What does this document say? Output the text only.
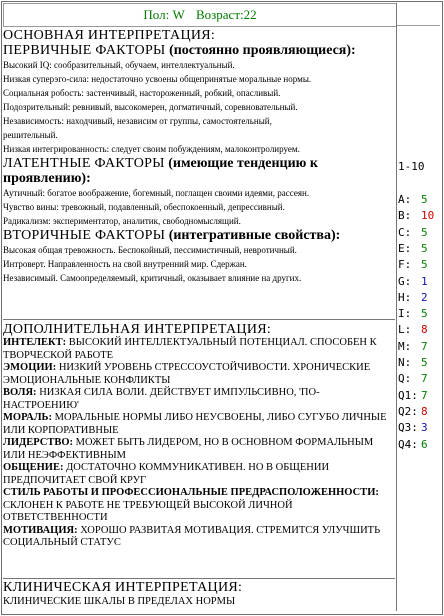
Пол: W Возраст:22
1-10
A: 5
B: 10
C: 5
E: 5
F: 5
G: 1
H: 2
I: 5
L: 8
M: 7
N: 5
Q: 7
Q1: 7
Q2: 8
Q3: 3
Q4: 6
ОСНОВНАЯ ИНТЕРПРЕТАЦИЯ:
ПЕРВИЧНЫЕ ФАКТОРЫ (постоянно проявляющиеся):
Высокий IQ: сообразительный, обучаем, интеллектуальный.
Низкая суперэго-сила: недостаточно усвоены общепринятые моральные нормы.
Социальная робость: застенчивый, настороженный, робкий, опасливый.
Подозрительный: ревнивый, высокомерен, догматичный, соревновательный.
Независимость: находчивый, независим от группы, самостоятельный,
решительный.
Низкая интегрированность: следует своим побуждениям, малоконтролируем.
ЛАТЕНТНЫЕ ФАКТОРЫ (имеющие тенденцию к проявлению):
Аутичный: богатое воображение, богемный, поглащен своими идеями, рассеян.
Чувство вины: тревожный, подавленный, обеспокоенный, депрессивный.
Радикализм: экспериментатор, аналитик, свободномыслящий.
ВТОРИЧНЫЕ ФАКТОРЫ (интегративные свойства):
Высокая общая тревожность. Беспокойный, пессимистичный, невротичный.
Интроверт. Направленность на свой внутренний мир. Сдержан.
Независимый. Самоопределяемый, критичный, оказывает влияние на других.
ДОПОЛНИТЕЛЬНАЯ ИНТЕРПРЕТАЦИЯ:
ИНТЕЛЕКТ: ВЫСОКИЙ ИНТЕЛЛЕКТУАЛЬНЫЙ ПОТЕНЦИАЛ. СПОСОБЕН К ТВОРЧЕСКОЙ РАБОТЕ
ЭМОЦИИ: НИЗКИЙ УРОВЕНЬ СТРЕССОУСТОЙЧИВОСТИ. ХРОНИЧЕСКИЕ ЭМОЦИОНАЛЬНЫЕ КОНФЛИКТЫ
ВОЛЯ: НИЗКАЯ СИЛА ВОЛИ. ДЕЙСТВУЕТ ИМПУЛЬСИВНО, 'ПО-НАСТРОЕНИЮ'
МОРАЛЬ: МОРАЛЬНЫЕ НОРМЫ ЛИБО НЕУСВОЕНЫ, ЛИБО СУГУБО ЛИЧНЫЕ ИЛИ КОРПОРАТИВНЫЕ
ЛИДЕРСТВО: МОЖЕТ БЫТЬ ЛИДЕРОМ, НО В ОСНОВНОМ ФОРМАЛЬНЫМ ИЛИ НЕЭФФЕКТИВНЫМ
ОБЩЕНИЕ: ДОСТАТОЧНО КОММУНИКАТИВЕН. НО В ОБЩЕНИИ ПРЕДПОЧИТАЕТ СВОЙ КРУГ
СТИЛЬ РАБОТЫ И ПРОФЕССИОНАЛЬНЫЕ ПРЕДРАСПОЛОЖЕННОСТИ: СКЛОНЕН К РАБОТЕ НЕ ТРЕБУЮЩЕЙ ВЫСОКОЙ ЛИЧНОЙ ОТВЕТСТВЕННОСТИ
МОТИВАЦИЯ: ХОРОШО РАЗВИТАЯ МОТИВАЦИЯ. СТРЕМИТСЯ УЛУЧШИТЬ СОЦИАЛЬНЫЙ СТАТУС
КЛИНИЧЕСКАЯ ИНТЕРПРЕТАЦИЯ:
КЛИНИЧЕСКИЕ ШКАЛЫ В ПРЕДЕЛАХ НОРМЫ
